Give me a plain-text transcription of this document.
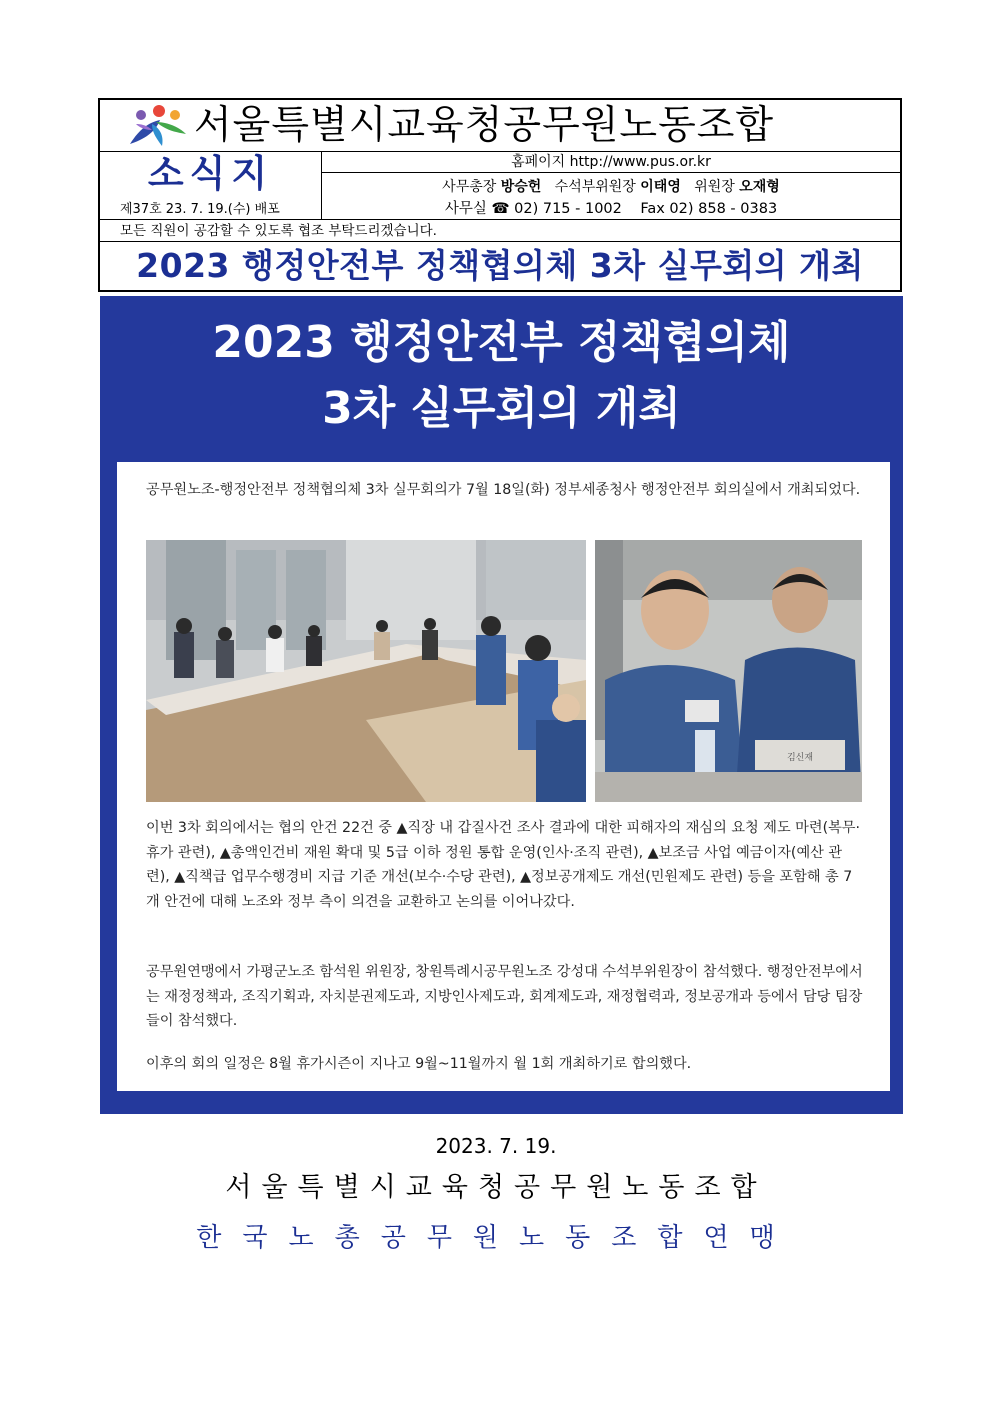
서울특별시교육청공무원노동조합
소식지
제37호 23. 7. 19.(수) 배포
홈페이지 http://www.pus.or.kr
사무총장 방승헌 수석부위원장 이태영 위원장 오재형
사무실 ☎ 02) 715 - 1002 Fax 02) 858 - 0383
모든 직원이 공감할 수 있도록 협조 부탁드리겠습니다.
2023 행정안전부 정책협의체 3차 실무회의 개최
2023 행정안전부 정책협의체
3차 실무회의 개최

공무원노조-행정안전부 정책협의체 3차 실무회의가 7월 18일(화) 정부세종청사 행정안전부 회의실에서 개최되었다.

김신재

이번 3차 회의에서는 협의 안건 22건 중 ▲직장 내 갑질사건 조사 결과에 대한 피해자의 재심의 요청 제도 마련(복무·휴가 관련), ▲총액인건비 재원 확대 및 5급 이하 정원 통합 운영(인사·조직 관련), ▲보조금 사업 예금이자(예산 관련), ▲직책급 업무수행경비 지급 기준 개선(보수·수당 관련), ▲정보공개제도 개선(민원제도 관련) 등을 포함해 총 7개 안건에 대해 노조와 정부 측이 의견을 교환하고 논의를 이어나갔다.

공무원연맹에서 가평군노조 함석원 위원장, 창원특례시공무원노조 강성대 수석부위원장이 참석했다. 행정안전부에서는 재정정책과, 조직기획과, 자치분권제도과, 지방인사제도과, 회계제도과, 재정협력과, 정보공개과 등에서 담당 팀장들이 참석했다.

이후의 회의 일정은 8월 휴가시즌이 지나고 9월~11월까지 월 1회 개최하기로 합의했다.

2023. 7. 19.
서울특별시교육청공무원노동조합
한국노총공무원노동조합연맹
